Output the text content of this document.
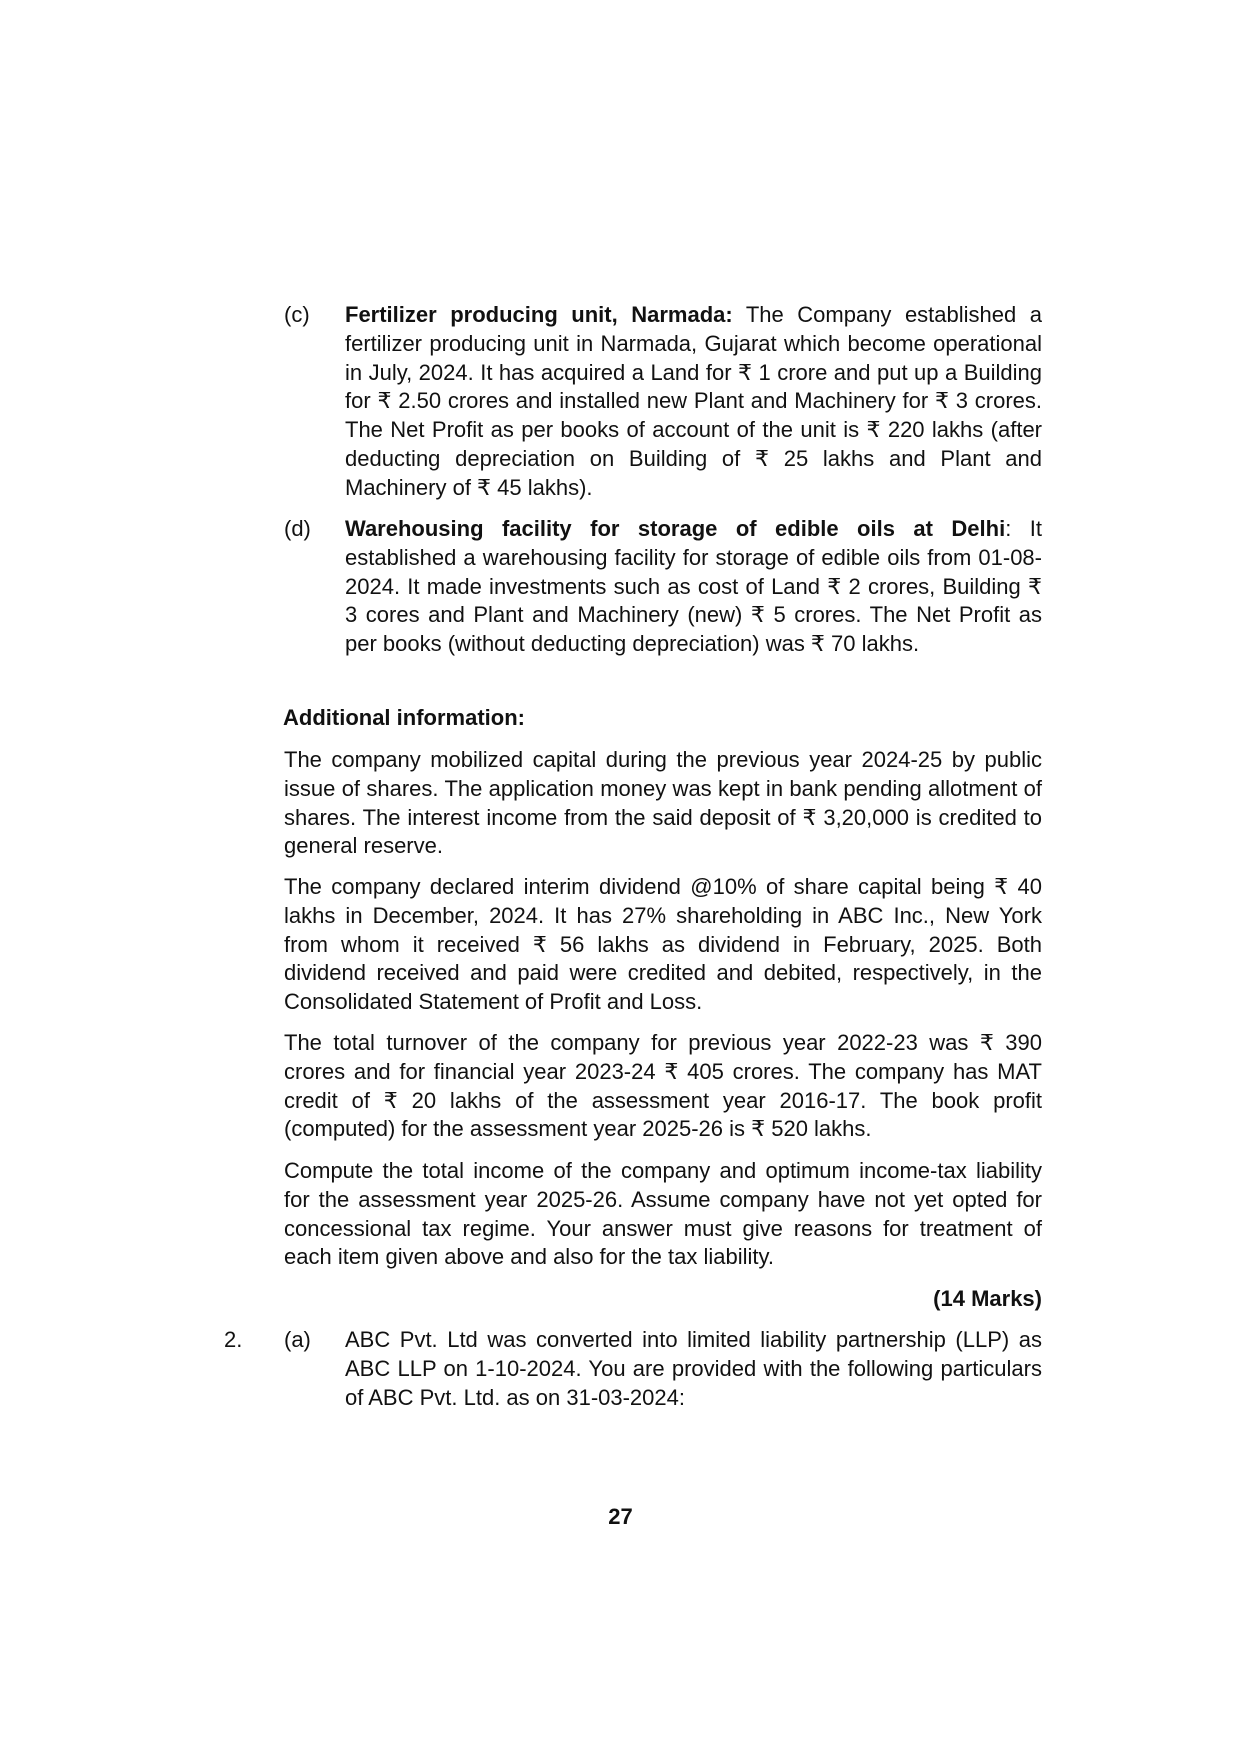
(c) Fertilizer producing unit, Narmada: The Company established a fertilizer producing unit in Narmada, Gujarat which become operational in July, 2024. It has acquired a Land for ₹ 1 crore and put up a Building for ₹ 2.50 crores and installed new Plant and Machinery for ₹ 3 crores. The Net Profit as per books of account of the unit is ₹ 220 lakhs (after deducting depreciation on Building of ₹ 25 lakhs and Plant and Machinery of ₹ 45 lakhs).

(d) Warehousing facility for storage of edible oils at Delhi: It established a warehousing facility for storage of edible oils from 01-08-2024. It made investments such as cost of Land ₹ 2 crores, Building ₹ 3 cores and Plant and Machinery (new) ₹ 5 crores. The Net Profit as per books (without deducting depreciation) was ₹ 70 lakhs.

Additional information:

The company mobilized capital during the previous year 2024-25 by public issue of shares. The application money was kept in bank pending allotment of shares. The interest income from the said deposit of ₹ 3,20,000 is credited to general reserve.

The company declared interim dividend @10% of share capital being ₹ 40 lakhs in December, 2024. It has 27% shareholding in ABC Inc., New York from whom it received ₹ 56 lakhs as dividend in February, 2025. Both dividend received and paid were credited and debited, respectively, in the Consolidated Statement of Profit and Loss.

The total turnover of the company for previous year 2022-23 was ₹ 390 crores and for financial year 2023-24 ₹ 405 crores. The company has MAT credit of ₹ 20 lakhs of the assessment year 2016-17. The book profit (computed) for the assessment year 2025-26 is ₹ 520 lakhs.

Compute the total income of the company and optimum income-tax liability for the assessment year 2025-26. Assume company have not yet opted for concessional tax regime. Your answer must give reasons for treatment of each item given above and also for the tax liability.

(14 Marks)

2. (a) ABC Pvt. Ltd was converted into limited liability partnership (LLP) as ABC LLP on 1-10-2024. You are provided with the following particulars of ABC Pvt. Ltd. as on 31-03-2024:

27
